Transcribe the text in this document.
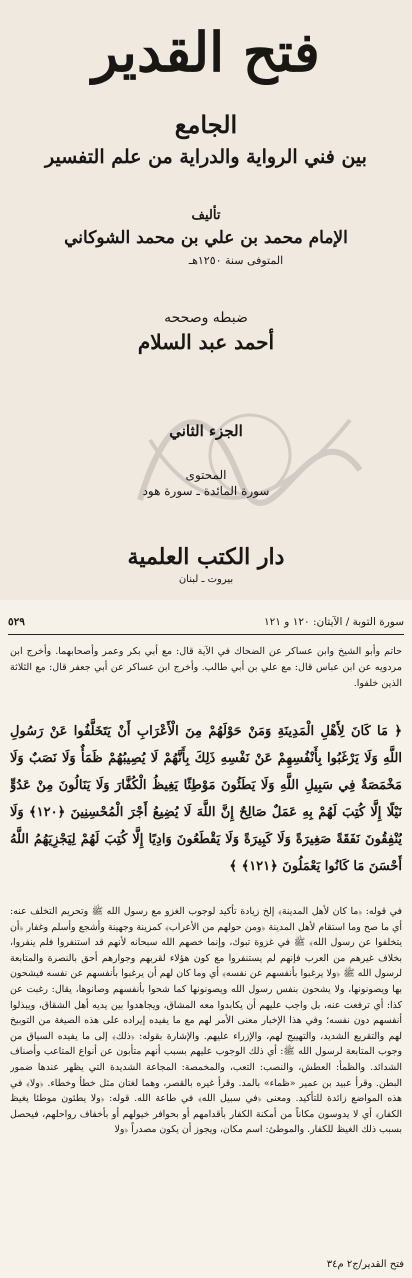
فتح القدير
الجامع
بين فني الرواية والدراية من علم التفسير
تأليف
الإمام محمد بن علي بن محمد الشوكاني
المتوفى سنة ١٢٥٠هـ
ضبطه وصححه
أحمد عبد السلام
الجزء الثاني
المحتوى
سورة المائدة ـ سورة هود
دار الكتب العلمية
بيروت ـ لبنان
سورة التوبة / الآيتان: ١٢٠ و ١٢١
٥٢٩
حاتم وأبو الشيخ وابن عساكر عن الضحاك في الآية قال: مع أبي بكر وعمر وأصحابهما. وأخرج ابن مردويه عن ابن عباس قال: مع علي بن أبي طالب. وأخرج ابن عساكر عن أبي جعفر قال: مع الثلاثة الذين خلفوا.
﴿ مَا كَانَ لِأَهْلِ الْمَدِينَةِ وَمَنْ حَوْلَهُمْ مِنَ الْأَعْرَابِ أَنْ يَتَخَلَّفُوا عَنْ رَسُولِ اللَّهِ وَلَا يَرْغَبُوا بِأَنْفُسِهِمْ عَنْ نَفْسِهِ ذَلِكَ بِأَنَّهُمْ لَا يُصِيبُهُمْ ظَمَأٌ وَلَا نَصَبٌ وَلَا مَخْمَصَةٌ فِي سَبِيلِ اللَّهِ وَلَا يَطَئُونَ مَوْطِئًا يَغِيظُ الْكُفَّارَ وَلَا يَنَالُونَ مِنْ عَدُوٍّ نَيْلًا إِلَّا كُتِبَ لَهُمْ بِهِ عَمَلٌ صَالِحٌ إِنَّ اللَّهَ لَا يُضِيعُ أَجْرَ الْمُحْسِنِينَ ﴿١٢٠﴾ وَلَا يُنْفِقُونَ نَفَقَةً صَغِيرَةً وَلَا كَبِيرَةً وَلَا يَقْطَعُونَ وَادِيًا إِلَّا كُتِبَ لَهُمْ لِيَجْزِيَهُمُ اللَّهُ أَحْسَنَ مَا كَانُوا يَعْمَلُونَ ﴿١٢١﴾ ﴾
في قوله: ﴿ما كان لأهل المدينة﴾ إلخ زيادة تأكيد لوجوب الغزو مع رسول الله ﷺ وتحريم التخلف عنه: أي ما صح وما استقام لأهل المدينة ﴿ومن حولهم من الأعراب﴾ كمزينة وجهينة وأشجع وأسلم وغفار ﴿أن يتخلفوا عن رسول الله﴾ ﷺ في غزوة تبوك، وإنما خصهم الله سبحانه لأنهم قد استنفروا فلم ينفروا، بخلاف غيرهم من العرب فإنهم لم يستنفروا مع كون هؤلاء لقربهم وجوارهم أحق بالنصرة والمتابعة لرسول الله ﷺ ﴿ولا يرغبوا بأنفسهم عن نفسه﴾ أي وما كان لهم أن يرغبوا بأنفسهم عن نفسه فيشحون بها ويصونونها، ولا يشحون بنفس رسول الله ويصونونها كما شحوا بأنفسهم وصانوها، يقال: رغبت عن كذا: أي ترفعت عنه، بل واجب عليهم أن يكابدوا معه المشاق، ويجاهدوا بين يديه أهل الشقاق، ويبذلوا أنفسهم دون نفسه؛ وفي هذا الإخبار معنى الأمر لهم مع ما يفيده إيراده على هذه الصيغة من التوبيخ لهم والتقريع الشديد، والتهييج لهم، والإزراء عليهم. والإشارة بقوله: ﴿ذلك﴾ إلى ما يفيده السياق من وجوب المتابعة لرسول الله ﷺ: أي ذلك الوجوب عليهم بسبب أنهم متأبون عن أنواع المتاعب وأصناف الشدائد. والظمأ: العطش، والنصب: التعب، والمخمصة: المجاعة الشديدة التي يظهر عندها ضمور البطن. وقرأ عبيد بن عمير «ظماء» بالمد. وقرأ غيره بالقصر، وهما لغتان مثل خطأ وخطاء. ﴿ولا﴾ في هذه المواضع زائدة للتأكيد. ومعنى ﴿في سبيل الله﴾ في طاعة الله. قوله: ﴿ولا يطئون موطئا يغيظ الكفار﴾ أي لا يدوسون مكاناً من أمكنة الكفار بأقدامهم أو بحوافر خيولهم أو بأخفاف رواحلهم، فيحصل بسبب ذلك الغيظ للكفار. والموطئ: اسم مكان، ويجوز أن يكون مصدراً ﴿ولا
فتح القدير/ج٢ م٣٤
